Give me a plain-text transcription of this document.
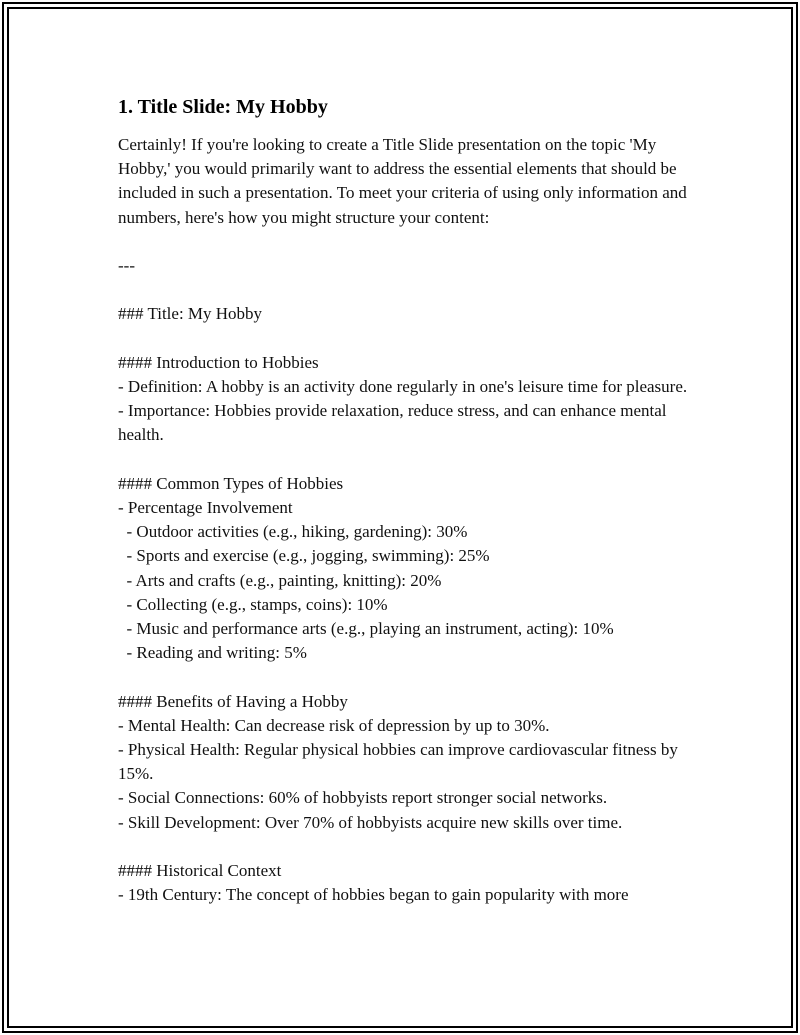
1. Title Slide: My Hobby

Certainly! If you're looking to create a Title Slide presentation on the topic 'My Hobby,' you would primarily want to address the essential elements that should be included in such a presentation. To meet your criteria of using only information and numbers, here's how you might structure your content:

---

### Title: My Hobby

#### Introduction to Hobbies

- Definition: A hobby is an activity done regularly in one's leisure time for pleasure.

- Importance: Hobbies provide relaxation, reduce stress, and can enhance mental health.

#### Common Types of Hobbies

- Percentage Involvement

- Outdoor activities (e.g., hiking, gardening): 30%

- Sports and exercise (e.g., jogging, swimming): 25%

- Arts and crafts (e.g., painting, knitting): 20%

- Collecting (e.g., stamps, coins): 10%

- Music and performance arts (e.g., playing an instrument, acting): 10%

- Reading and writing: 5%

#### Benefits of Having a Hobby

- Mental Health: Can decrease risk of depression by up to 30%.

- Physical Health: Regular physical hobbies can improve cardiovascular fitness by 15%.

- Social Connections: 60% of hobbyists report stronger social networks.

- Skill Development: Over 70% of hobbyists acquire new skills over time.

#### Historical Context

- 19th Century: The concept of hobbies began to gain popularity with more
